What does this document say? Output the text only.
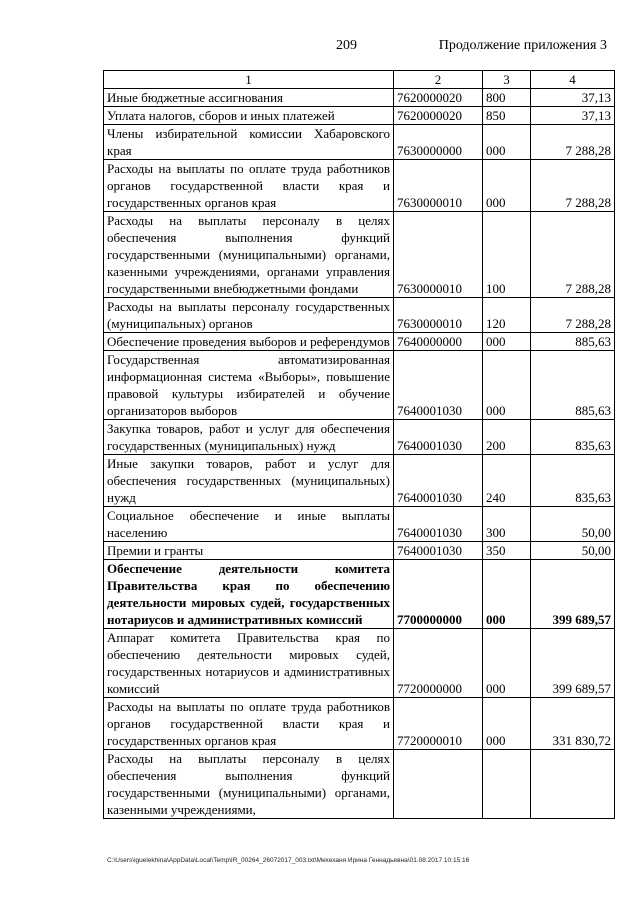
209	Продолжение приложения 3
1	2	3	4
Иные бюджетные ассигнования	7620000020	800	37,13
Уплата налогов, сборов и иных платежей	7620000020	850	37,13
Члены избирательной комиссии Хабаровского края	7630000000	000	7 288,28
Расходы на выплаты по оплате труда работников органов государственной власти края и государственных органов края	7630000010	000	7 288,28
Расходы на выплаты персоналу в целях обеспечения выполнения функций государственными (муниципальными) органами, казенными учреждениями, органами управления государственными внебюджетными фондами	7630000010	100	7 288,28
Расходы на выплаты персоналу государственных (муниципальных) органов	7630000010	120	7 288,28
Обеспечение проведения выборов и референдумов	7640000000	000	885,63
Государственная автоматизированная информационная система «Выборы», повышение правовой культуры избирателей и обучение организаторов выборов	7640001030	000	885,63
Закупка товаров, работ и услуг для обеспечения государственных (муниципальных) нужд	7640001030	200	835,63
Иные закупки товаров, работ и услуг для обеспечения государственных (муниципальных) нужд	7640001030	240	835,63
Социальное обеспечение и иные выплаты населению	7640001030	300	50,00
Премии и гранты	7640001030	350	50,00
Обеспечение деятельности комитета Правительства края по обеспечению деятельности мировых судей, государственных нотариусов и административных комиссий	7700000000	000	399 689,57
Аппарат комитета Правительства края по обеспечению деятельности мировых судей, государственных нотариусов и административных комиссий	7720000000	000	399 689,57
Расходы на выплаты по оплате труда работников органов государственной власти края и государственных органов края	7720000010	000	331 830,72
Расходы на выплаты персоналу в целях обеспечения выполнения функций государственными (муниципальными) органами, казенными учреждениями,			
C:\Users\iguelekhina\AppData\Local\Temp\IR_00264_26072017_003.txt\Мехеханя Ирина Геннадьевна\01.08.2017 10:15:16
